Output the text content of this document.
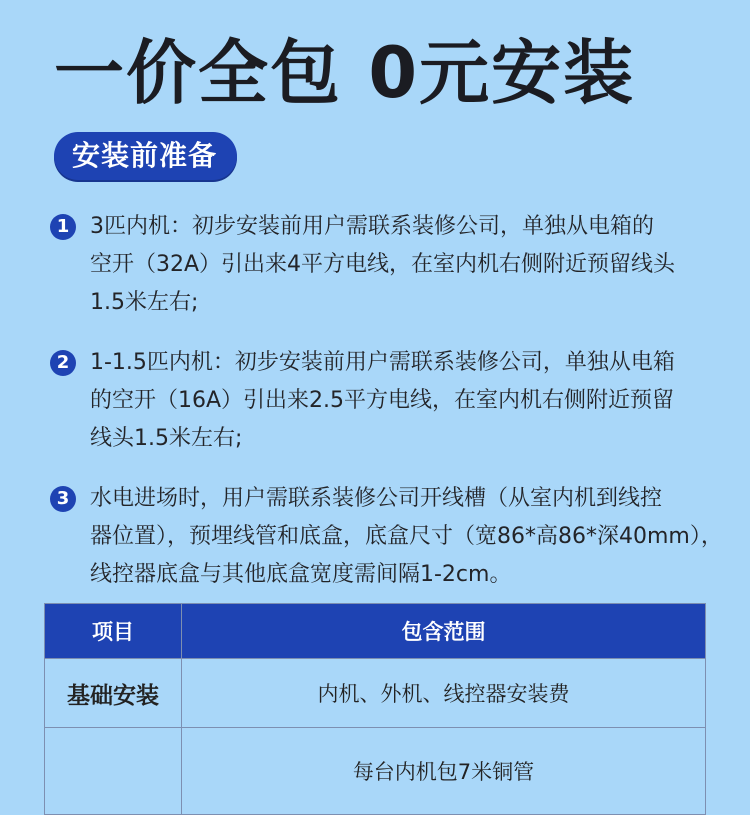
一价全包 0元安装
安装前准备
1 3匹内机：初步安装前用户需联系装修公司，单独从电箱的
空开（32A）引出来4平方电线，在室内机右侧附近预留线头
1.5米左右;
2 1-1.5匹内机：初步安装前用户需联系装修公司，单独从电箱
的空开（16A）引出来2.5平方电线，在室内机右侧附近预留
线头1.5米左右;
3 水电进场时，用户需联系装修公司开线槽（从室内机到线控
器位置），预埋线管和底盒，底盒尺寸（宽86*高86*深40mm），
线控器底盒与其他底盒宽度需间隔1-2cm。
项目	包含范围
基础安装	内机、外机、线控器安装费
	每台内机包7米铜管
